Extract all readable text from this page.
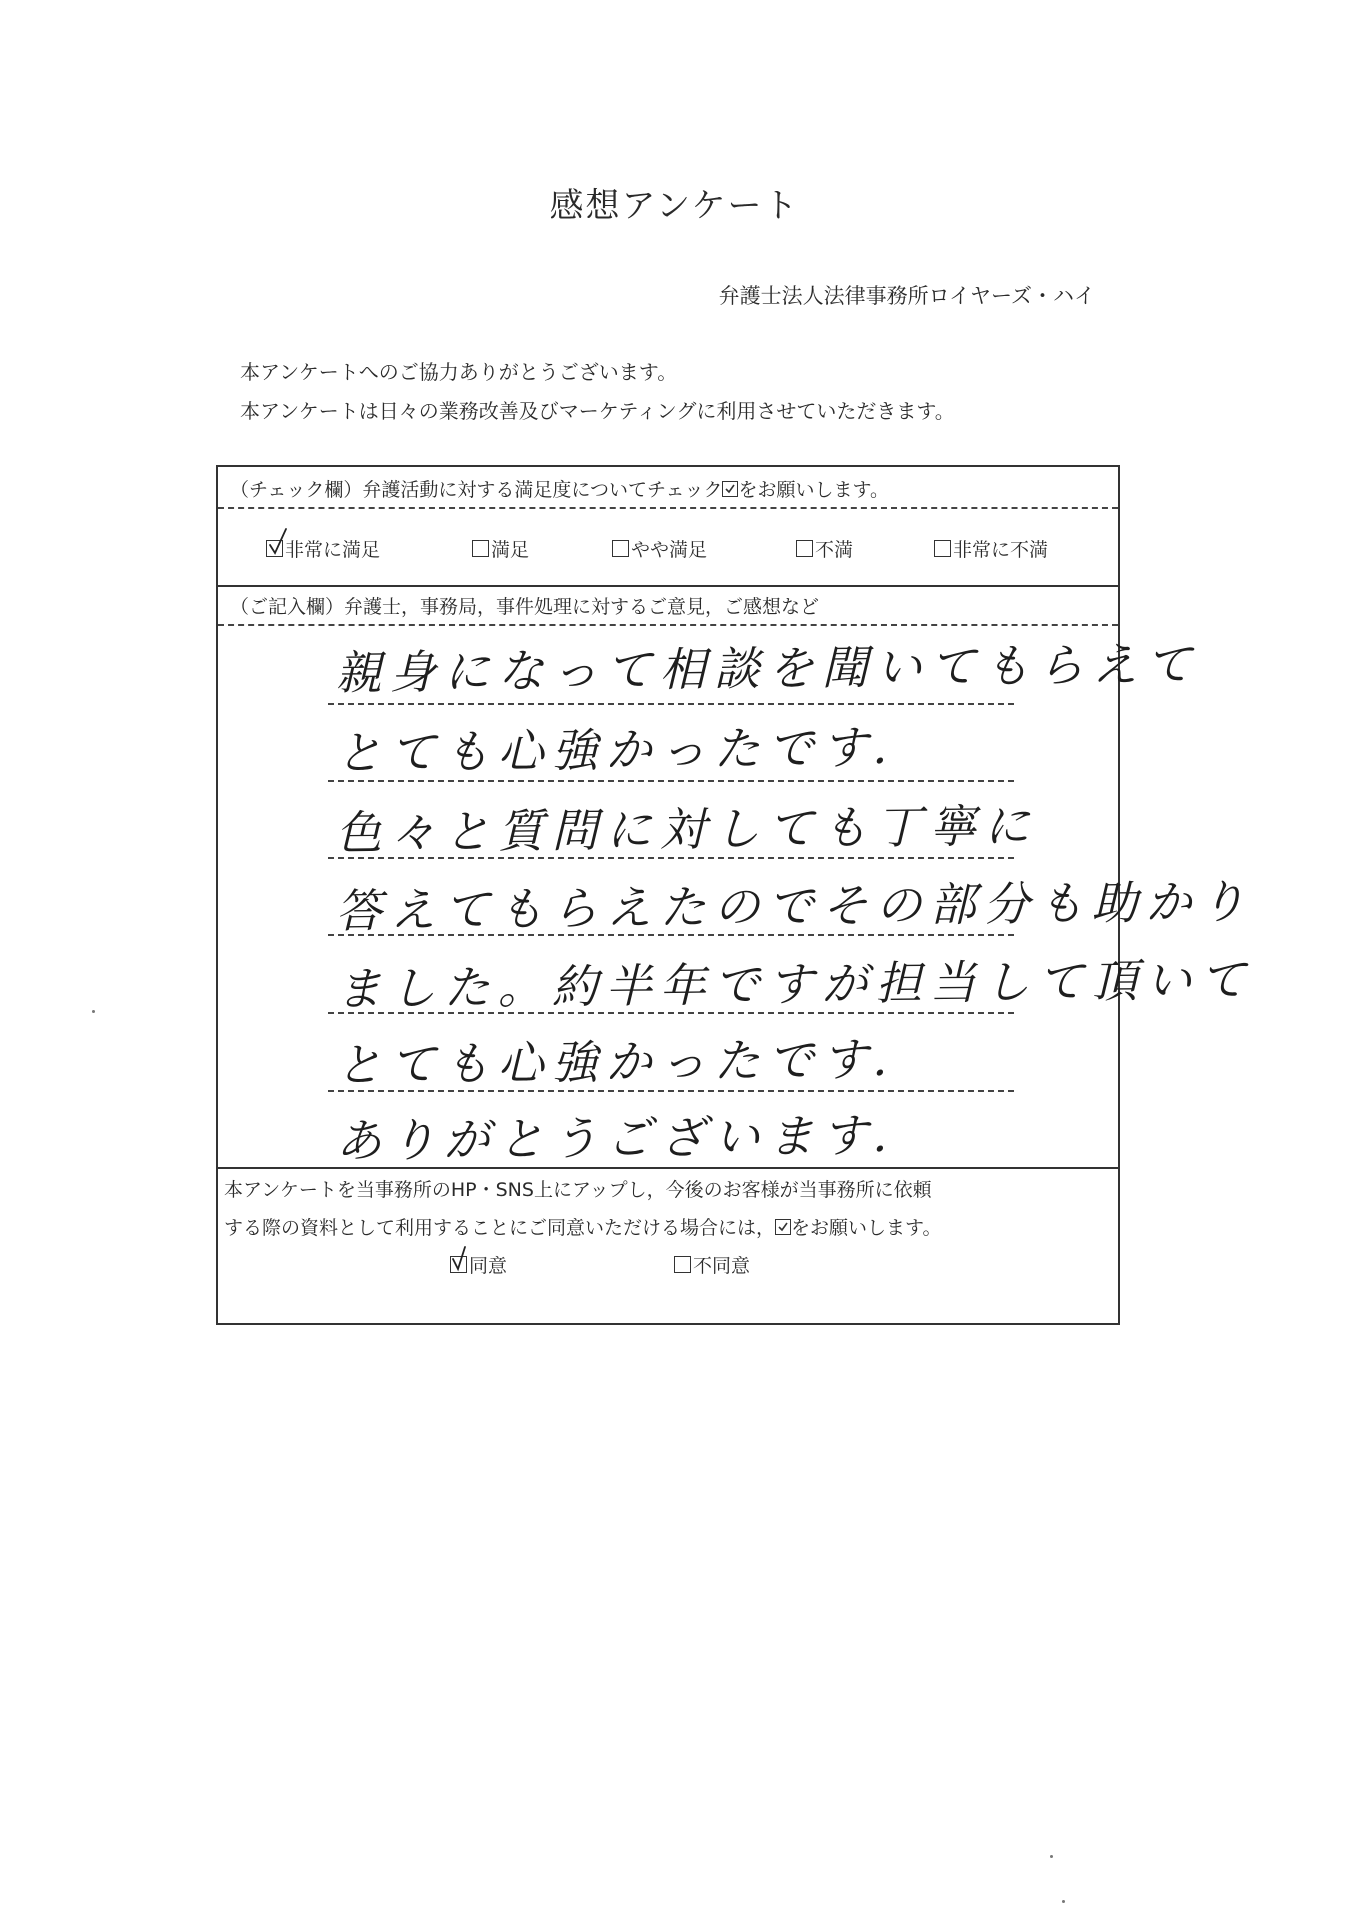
感想アンケート
弁護士法人法律事務所ロイヤーズ・ハイ
本アンケートへのご協力ありがとうございます。
本アンケートは日々の業務改善及びマーケティングに利用させていただきます。
（チェック欄）弁護活動に対する満足度についてチェック をお願いします。
非常に満足	満足	やや満足	不満	非常に不満
（ご記入欄）弁護士，事務局，事件処理に対するご意見，ご感想など
親身になって相談を聞いてもらえて
とても心強かったです．
色々と質問に対しても丁寧に
答えてもらえたのでその部分も助かり
ました。約半年ですが担当して頂いて
とても心強かったです．
ありがとうございます．
本アンケートを当事務所のHP・SNS上にアップし，今後のお客様が当事務所に依頼
する際の資料として利用することにご同意いただける場合には， をお願いします。
同意	不同意
